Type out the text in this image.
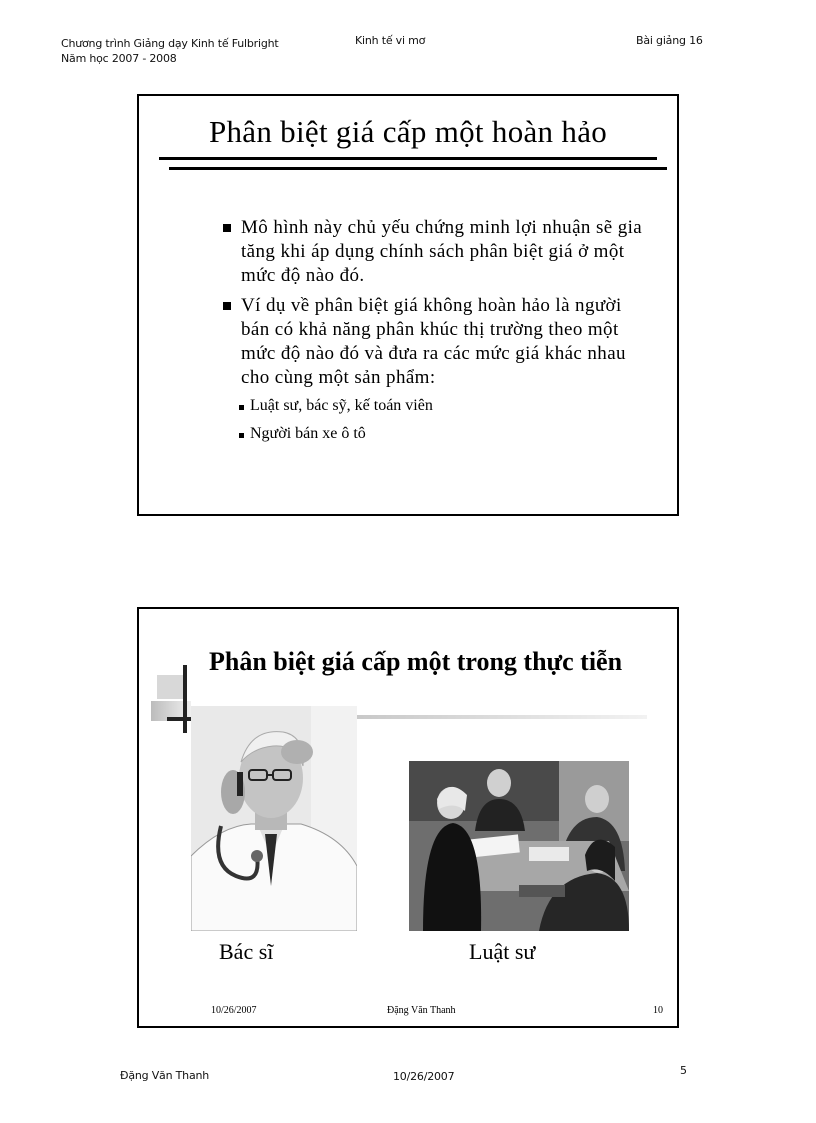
Chương trình Giảng dạy Kinh tế Fulbright
Năm học 2007 - 2008
Kinh tế vi mơ	Bài giảng 16
Phân biệt giá cấp một hoàn hảo
Mô hình này chủ yếu chứng minh lợi nhuận sẽ gia tăng khi áp dụng chính sách phân biệt giá ở một mức độ nào đó.
Ví dụ về phân biệt giá không hoàn hảo là người bán có khả năng phân khúc thị trường theo một mức độ nào đó và đưa ra các mức giá khác nhau cho cùng một sản phẩm:
Luật sư, bác sỹ, kế toán viên
Người bán xe ô tô
Phân biệt giá cấp một trong thực tiễn
Bác sĩ	Luật sư
10/26/2007	Đặng Văn Thanh	10
Đặng Văn Thanh	10/26/2007	5
